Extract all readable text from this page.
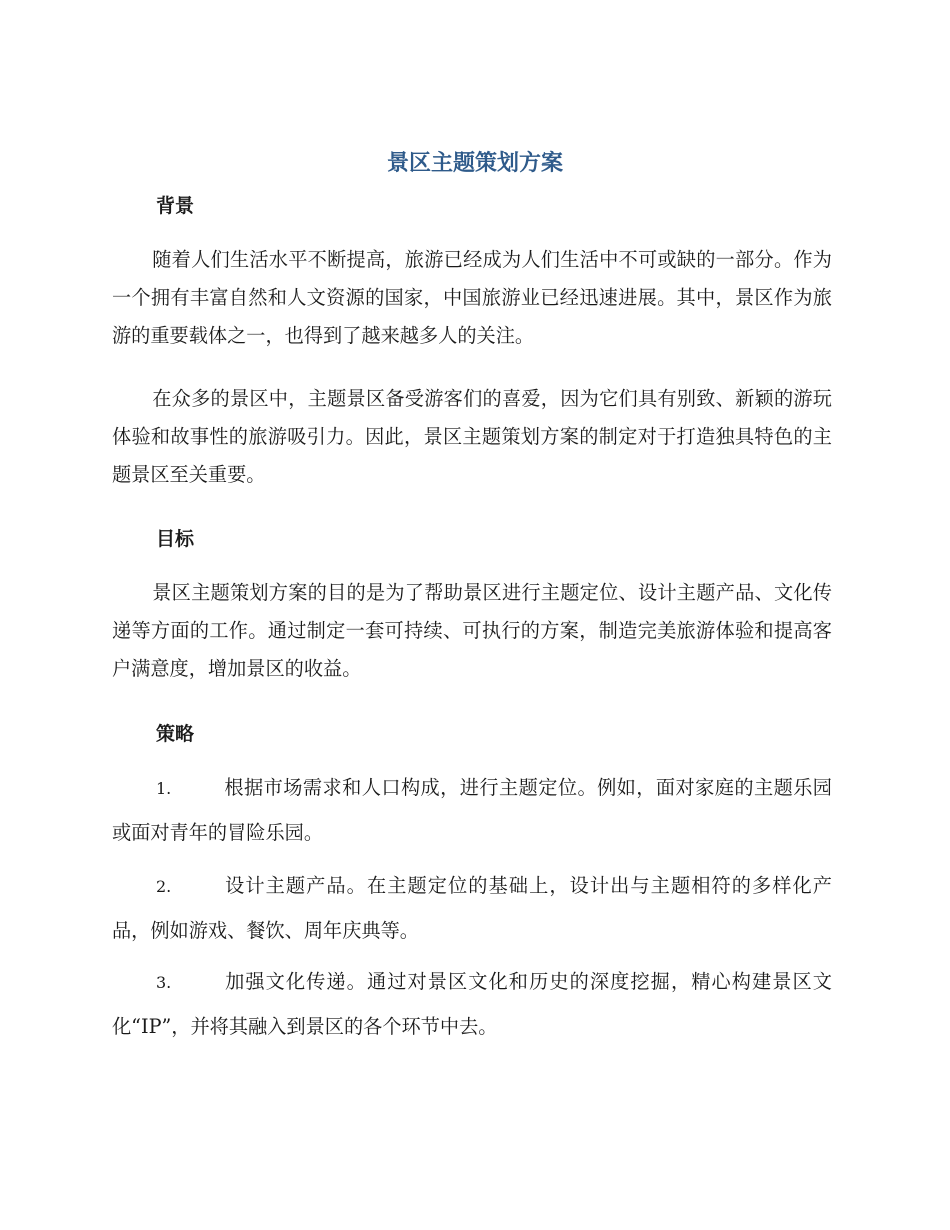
景区主题策划方案
背景

随着人们生活水平不断提高，旅游已经成为人们生活中不可或缺的一部分。作为一个拥有丰富自然和人文资源的国家，中国旅游业已经迅速进展。其中，景区作为旅游的重要载体之一，也得到了越来越多人的关注。

在众多的景区中，主题景区备受游客们的喜爱，因为它们具有别致、新颖的游玩体验和故事性的旅游吸引力。因此，景区主题策划方案的制定对于打造独具特色的主题景区至关重要。

目标

景区主题策划方案的目的是为了帮助景区进行主题定位、设计主题产品、文化传递等方面的工作。通过制定一套可持续、可执行的方案，制造完美旅游体验和提高客户满意度，增加景区的收益。

策略

1.	根据市场需求和人口构成，进行主题定位。例如，面对家庭的主题乐园或面对青年的冒险乐园。

2.	设计主题产品。在主题定位的基础上，设计出与主题相符的多样化产品，例如游戏、餐饮、周年庆典等。

3.	加强文化传递。通过对景区文化和历史的深度挖掘，精心构建景区文化“IP”，并将其融入到景区的各个环节中去。
